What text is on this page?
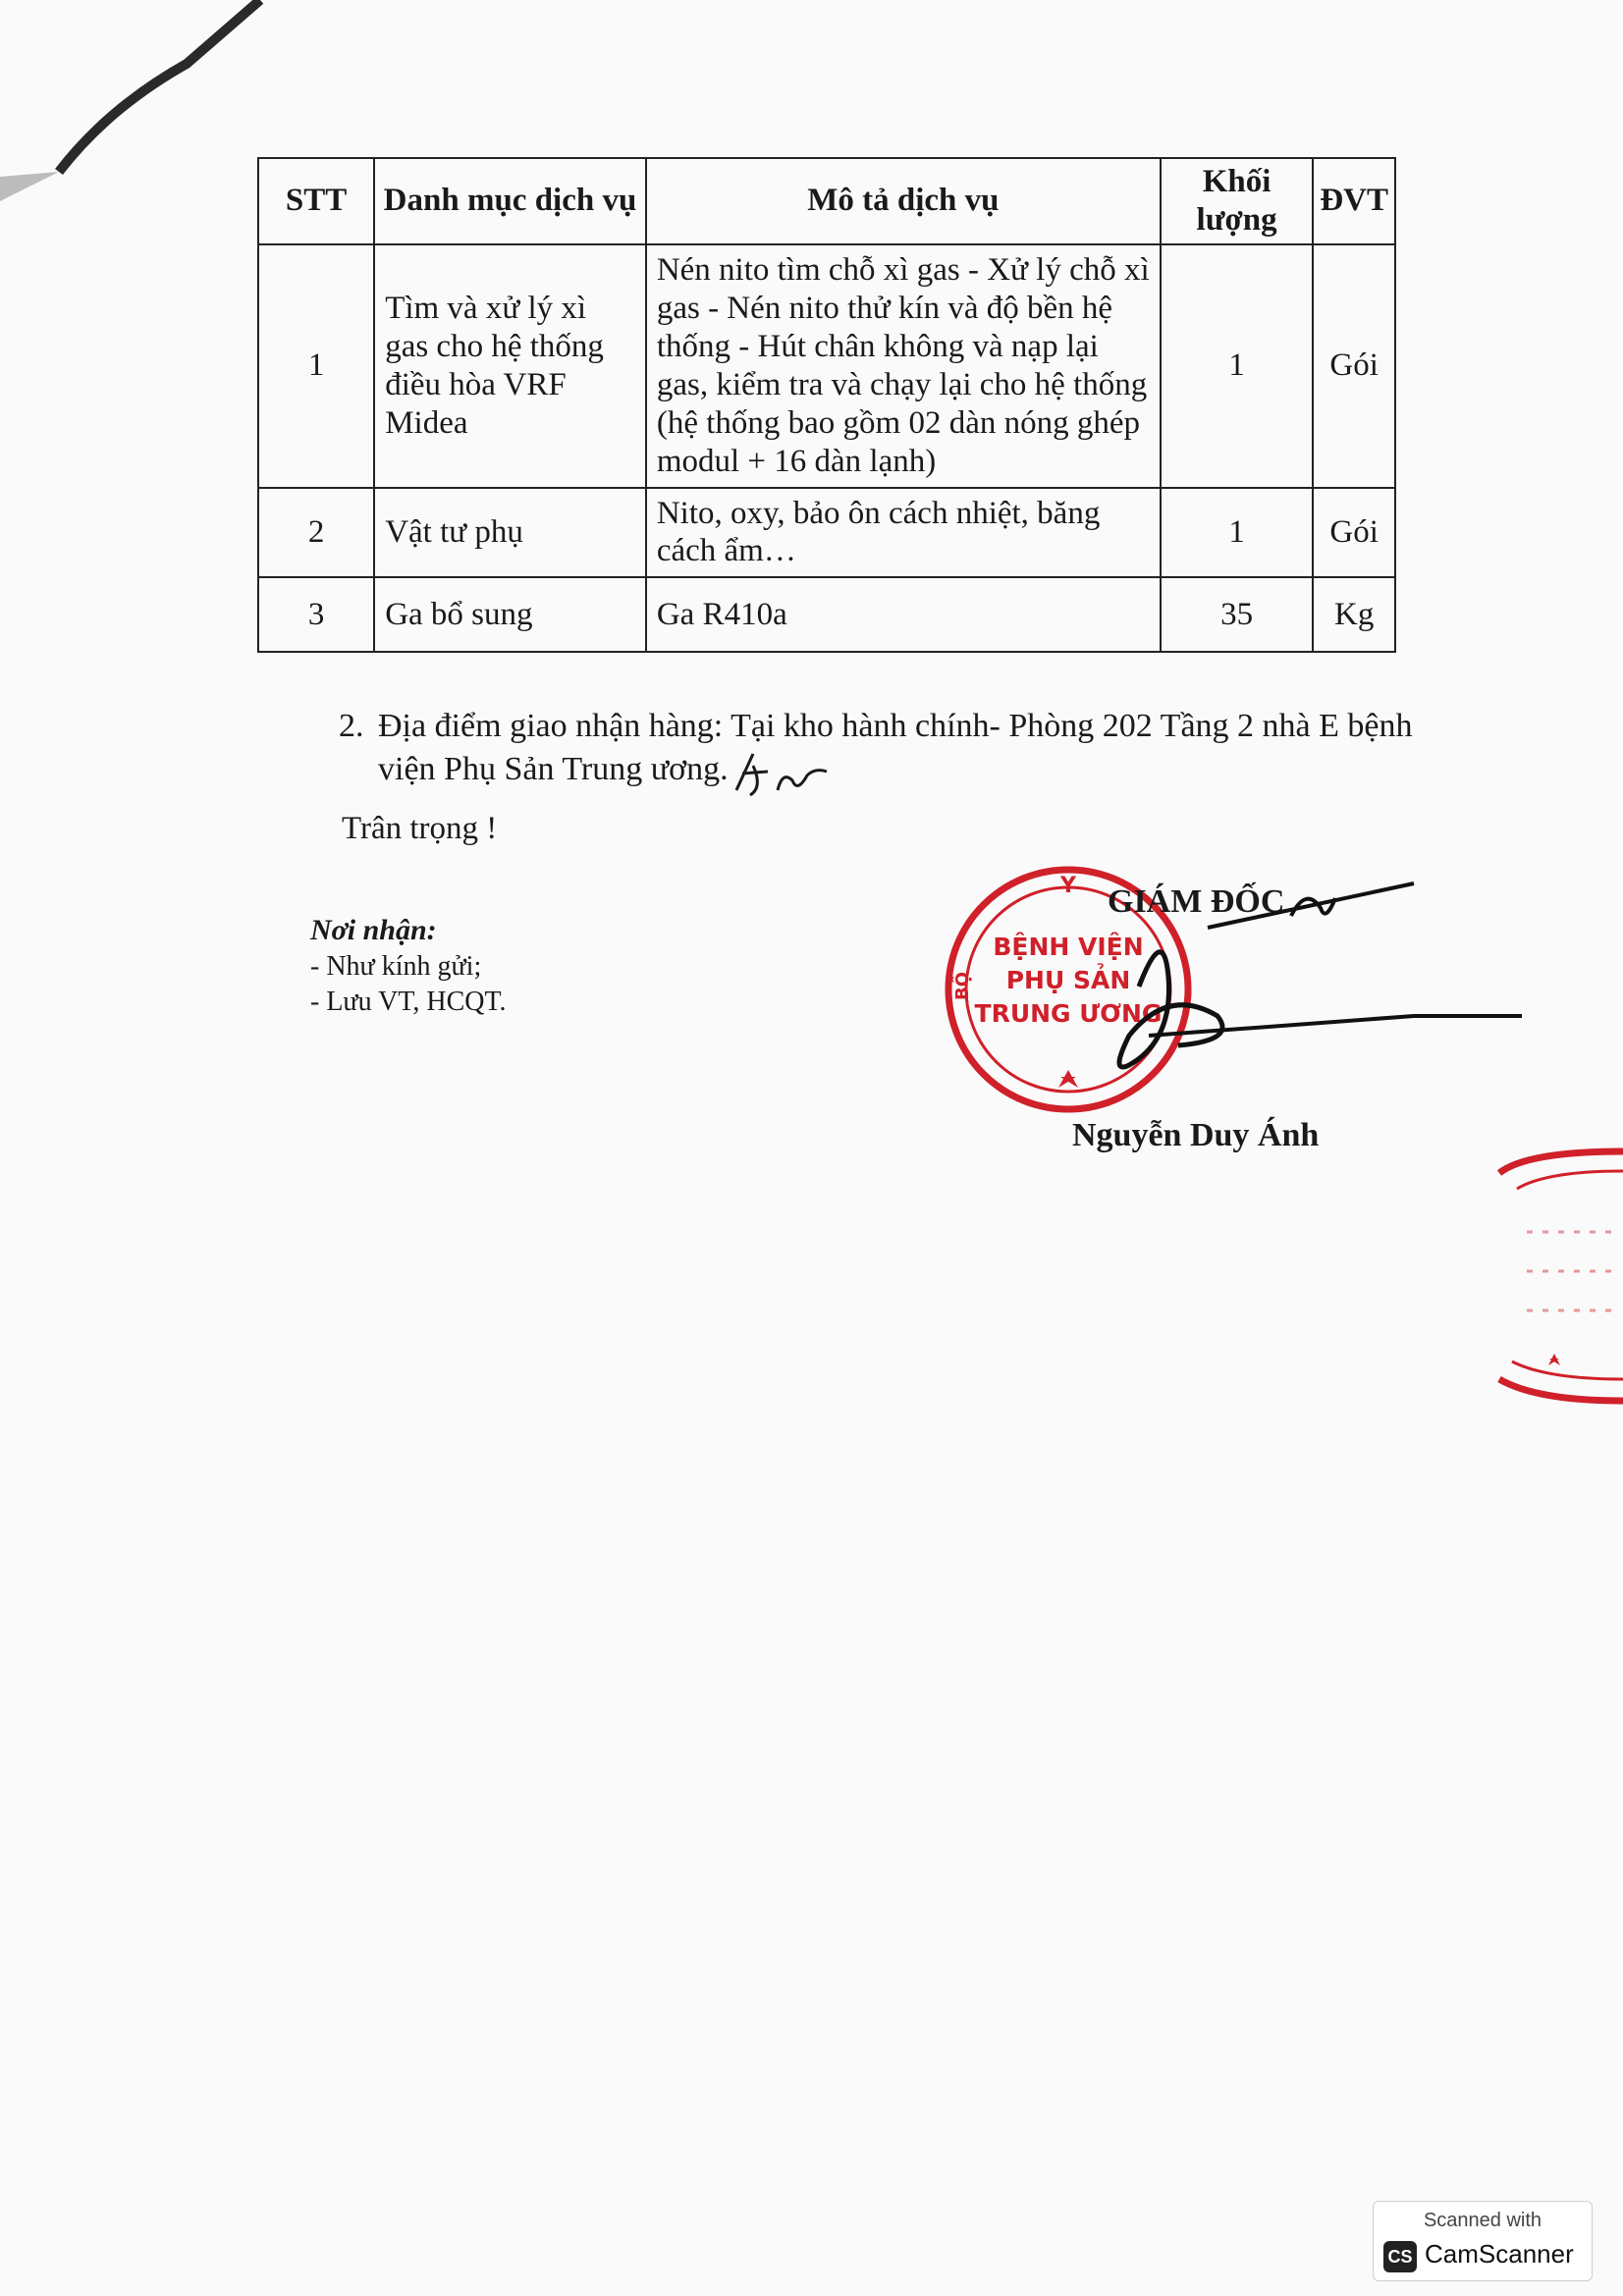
STT	Danh mục dịch vụ	Mô tả dịch vụ	Khối lượng	ĐVT
1	Tìm và xử lý xì gas cho hệ thống điều hòa VRF Midea	Nén nito tìm chỗ xì gas - Xử lý chỗ xì gas - Nén nito thử kín và độ bền hệ thống - Hút chân không và nạp lại gas, kiểm tra và chạy lại cho hệ thống (hệ thống bao gồm 02 dàn nóng ghép modul + 16 dàn lạnh)	1	Gói
2	Vật tư phụ	Nito, oxy, bảo ôn cách nhiệt, băng cách ẩm…	1	Gói
3	Ga bổ sung	Ga R410a	35	Kg
2. Địa điểm giao nhận hàng: Tại kho hành chính- Phòng 202 Tầng 2 nhà E bệnh
viện Phụ Sản Trung ương.
Trân trọng !
Nơi nhận:
- Như kính gửi;
- Lưu VT, HCQT.
Y
BỘ
BỆNH VIỆN
PHỤ SẢN
TRUNG ƯƠNG
GIÁM ĐỐC
Nguyễn Duy Ánh
Scanned with
CS CamScanner
